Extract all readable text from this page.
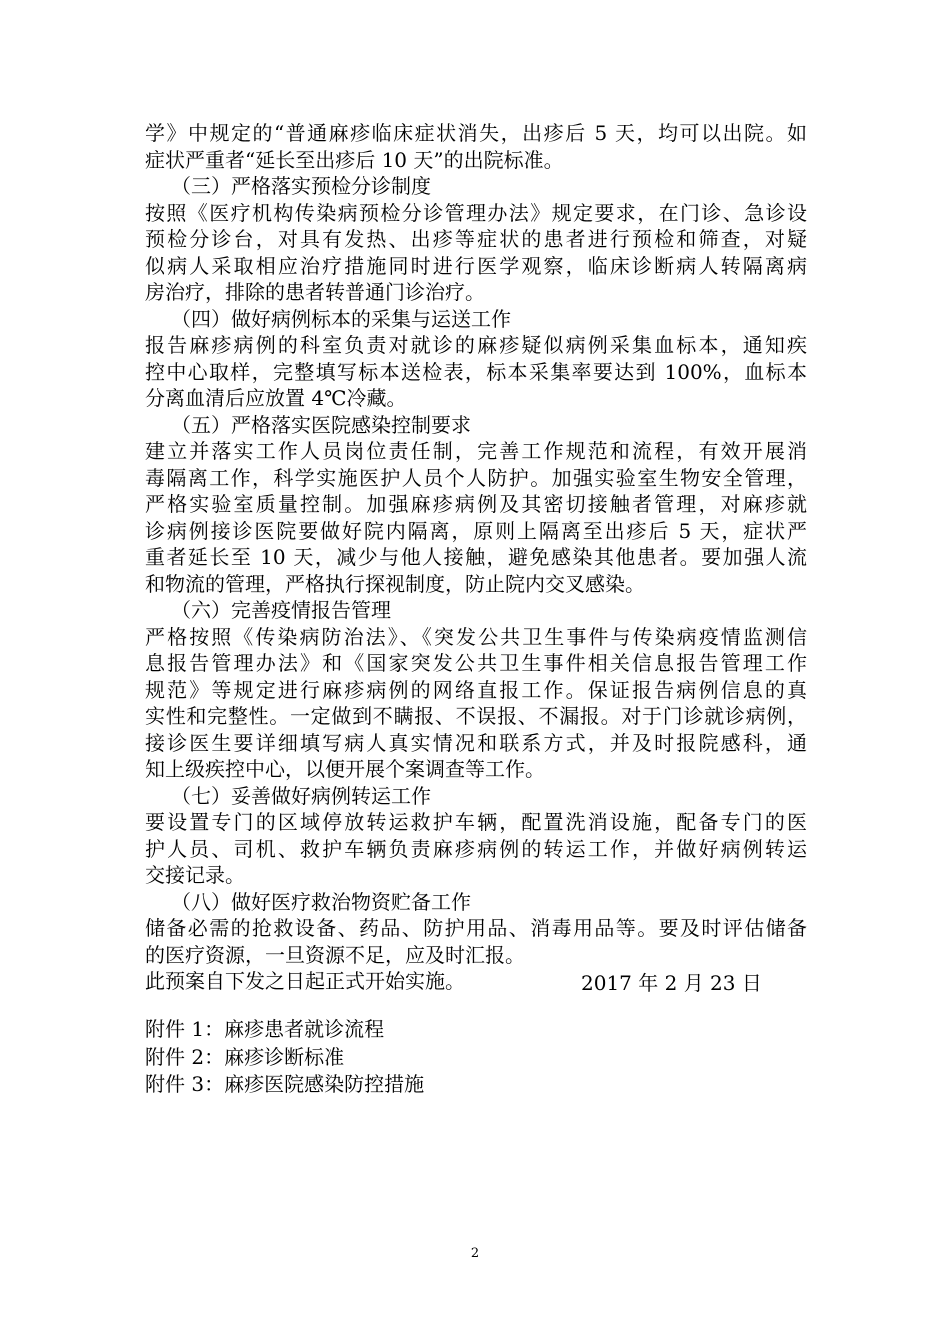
学》中规定的“普通麻疹临床症状消失，出疹后 5 天，均可以出院。如
症状严重者“延长至出疹后 10 天”的出院标准。
（三）严格落实预检分诊制度
按照《医疗机构传染病预检分诊管理办法》规定要求，在门诊、急诊设
预检分诊台，对具有发热、出疹等症状的患者进行预检和筛查，对疑
似病人采取相应治疗措施同时进行医学观察，临床诊断病人转隔离病
房治疗，排除的患者转普通门诊治疗。
（四）做好病例标本的采集与运送工作
报告麻疹病例的科室负责对就诊的麻疹疑似病例采集血标本，通知疾
控中心取样，完整填写标本送检表，标本采集率要达到 100%，血标本
分离血清后应放置 4℃冷藏。
（五）严格落实医院感染控制要求
建立并落实工作人员岗位责任制，完善工作规范和流程，有效开展消
毒隔离工作，科学实施医护人员个人防护。加强实验室生物安全管理，
严格实验室质量控制。加强麻疹病例及其密切接触者管理，对麻疹就
诊病例接诊医院要做好院内隔离，原则上隔离至出疹后 5 天，症状严
重者延长至 10 天，减少与他人接触，避免感染其他患者。要加强人流
和物流的管理，严格执行探视制度，防止院内交叉感染。
（六）完善疫情报告管理
严格按照《传染病防治法》、《突发公共卫生事件与传染病疫情监测信
息报告管理办法》和《国家突发公共卫生事件相关信息报告管理工作
规范》等规定进行麻疹病例的网络直报工作。保证报告病例信息的真
实性和完整性。一定做到不瞒报、不误报、不漏报。对于门诊就诊病例，
接诊医生要详细填写病人真实情况和联系方式，并及时报院感科，通
知上级疾控中心，以便开展个案调查等工作。
（七）妥善做好病例转运工作
要设置专门的区域停放转运救护车辆，配置洗消设施，配备专门的医
护人员、司机、救护车辆负责麻疹病例的转运工作，并做好病例转运
交接记录。
（八）做好医疗救治物资贮备工作
储备必需的抢救设备、药品、防护用品、消毒用品等。要及时评估储备
的医疗资源，一旦资源不足，应及时汇报。
此预案自下发之日起正式开始实施。	2017 年 2 月 23 日
附件 1：麻疹患者就诊流程
附件 2：麻疹诊断标准
附件 3：麻疹医院感染防控措施
2
